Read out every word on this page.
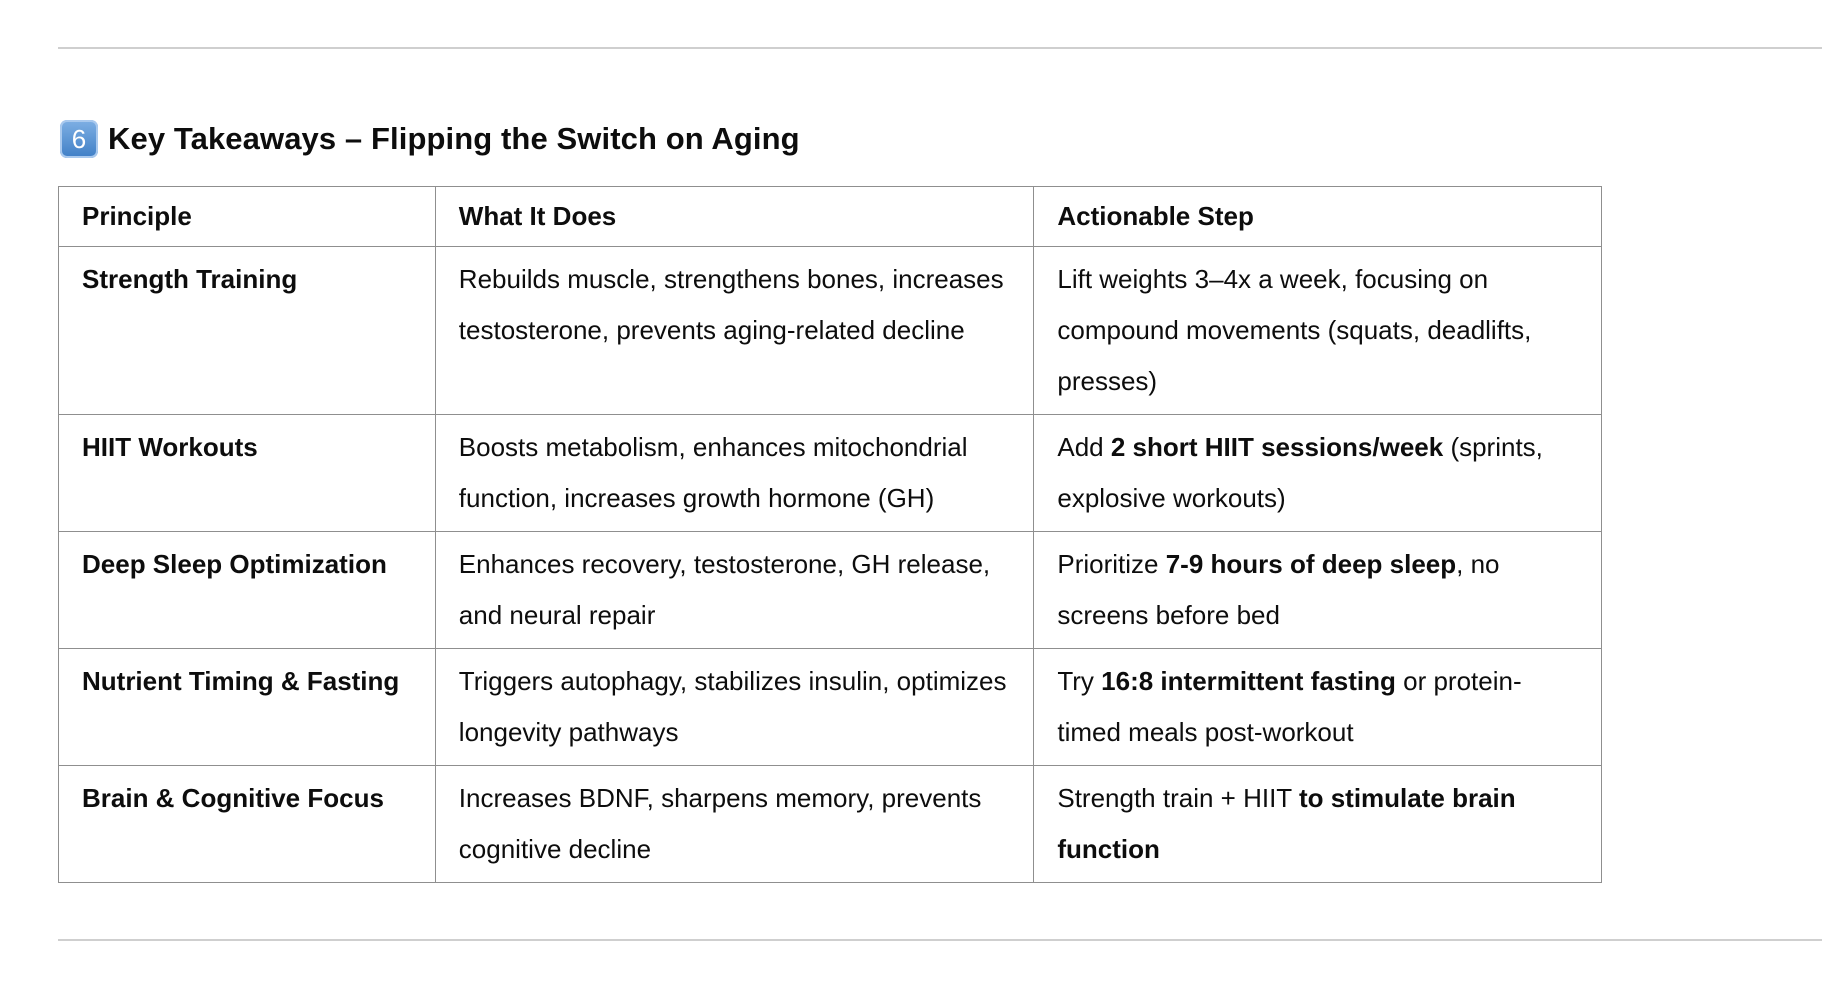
6 Key Takeaways – Flipping the Switch on Aging
Principle	What It Does	Actionable Step
Strength Training	Rebuilds muscle, strengthens bones, increases testosterone, prevents aging-related decline	Lift weights 3–4x a week, focusing on compound movements (squats, deadlifts, presses)
HIIT Workouts	Boosts metabolism, enhances mitochondrial function, increases growth hormone (GH)	Add 2 short HIIT sessions/week (sprints, explosive workouts)
Deep Sleep Optimization	Enhances recovery, testosterone, GH release, and neural repair	Prioritize 7-9 hours of deep sleep, no screens before bed
Nutrient Timing & Fasting	Triggers autophagy, stabilizes insulin, optimizes longevity pathways	Try 16:8 intermittent fasting or protein-timed meals post-workout
Brain & Cognitive Focus	Increases BDNF, sharpens memory, prevents cognitive decline	Strength train + HIIT to stimulate brain function
